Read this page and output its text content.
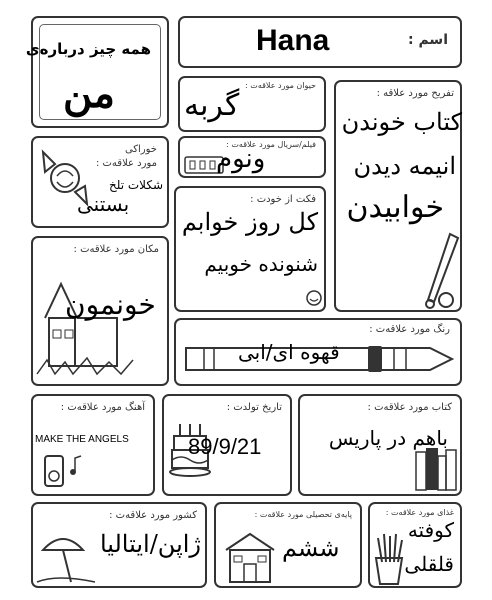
همه چیز درباره‌ی
من
اسم :
Hana
حیوان مورد علاقه‌ت :
گربه	تفریح مورد علاقه :
کتاب خوندن
انیمه دیدن
خوابیدن
خوراکی
مورد علاقه‌ت :
شکلات تلخ
بستنی
فیلم/سریال مورد علاقه‌ت :
ونوم
فکت از خودت :
کل روز خوابم
شنونده خوبیم
مکان مورد علاقه‌ت :
خونمون
رنگ مورد علاقه‌ت :
قهوه ای/ابی
آهنگ مورد علاقه‌ت :
MAKE THE ANGELS
تاریخ تولدت :
89/9/21
کتاب مورد علاقه‌ت :
باهم در پاریس
کشور مورد علاقه‌ت :
ژاپن/ایتالیا
پایه‌ی تحصیلی مورد علاقه‌ت :
ششم
غذای مورد علاقه‌ت :
کوفته
قلقلی
